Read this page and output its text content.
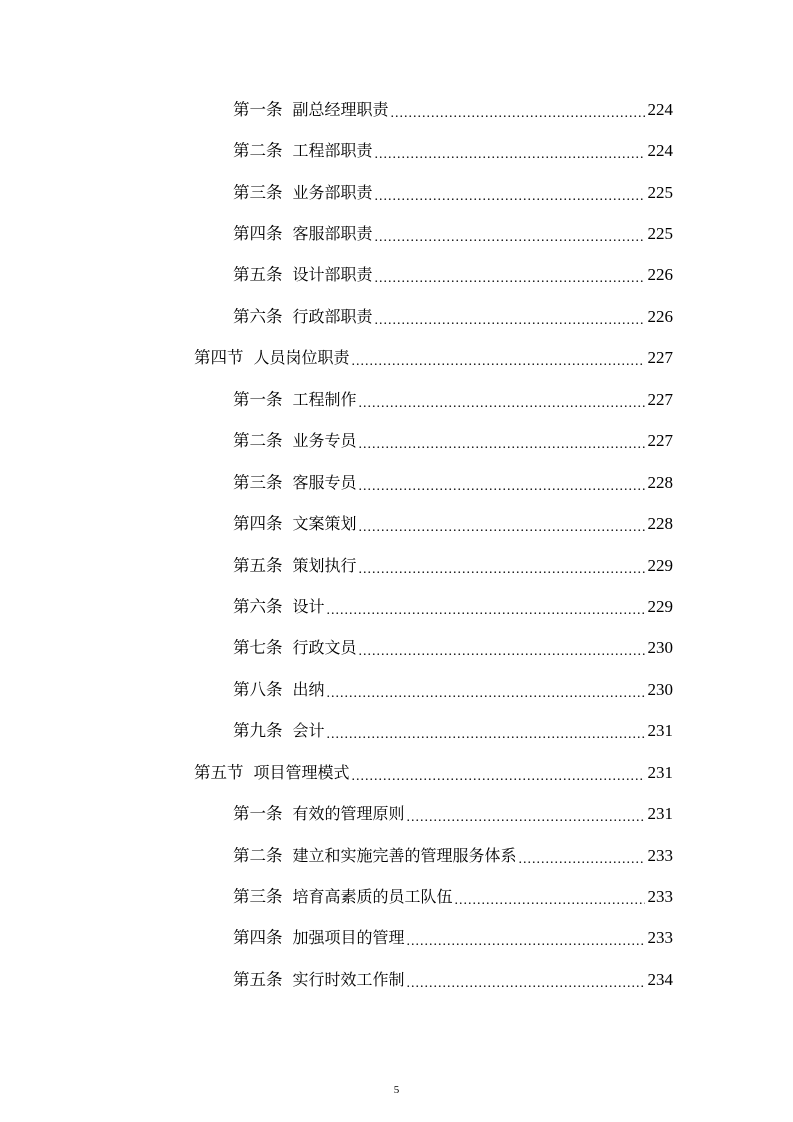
第一条 副总经理职责 .....	224
第二条 工程部职责 .....	224
第三条 业务部职责 .....	225
第四条 客服部职责 .....	225
第五条 设计部职责 .....	226
第六条 行政部职责 .....	226
第四节 人员岗位职责 .....	227
第一条 工程制作 .....	227
第二条 业务专员 .....	227
第三条 客服专员 .....	228
第四条 文案策划 .....	228
第五条 策划执行 .....	229
第六条 设计 .....	229
第七条 行政文员 .....	230
第八条 出纳 .....	230
第九条 会计 .....	231
第五节 项目管理模式 .....	231
第一条 有效的管理原则 .....	231
第二条 建立和实施完善的管理服务体系 .....	233
第三条 培育高素质的员工队伍 .....	233
第四条 加强项目的管理 .....	233
第五条 实行时效工作制 .....	234
5
